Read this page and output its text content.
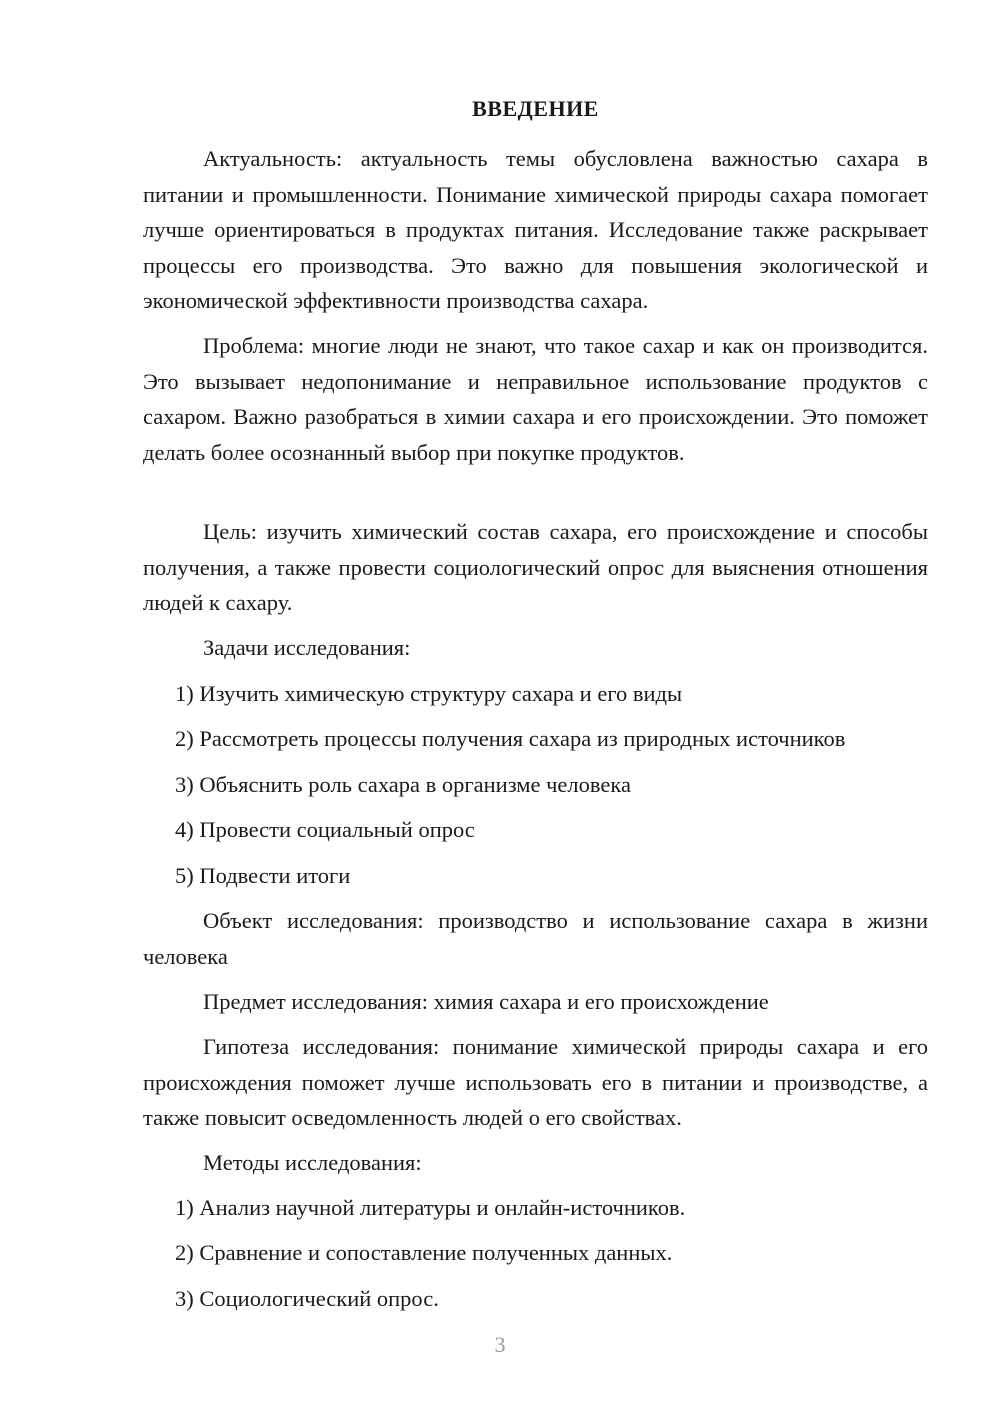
ВВЕДЕНИЕ

Актуальность: актуальность темы обусловлена важностью сахара в питании и промышленности. Понимание химической природы сахара помогает лучше ориентироваться в продуктах питания. Исследование также раскрывает процессы его производства. Это важно для повышения экологической и экономической эффективности производства сахара.

Проблема: многие люди не знают, что такое сахар и как он производится. Это вызывает недопонимание и неправильное использование продуктов с сахаром. Важно разобраться в химии сахара и его происхождении. Это поможет делать более осознанный выбор при покупке продуктов.

Цель: изучить химический состав сахара, его происхождение и способы получения, а также провести социологический опрос для выяснения отношения людей к сахару.

Задачи исследования:
1) Изучить химическую структуру сахара и его виды
2) Рассмотреть процессы получения сахара из природных источников
3) Объяснить роль сахара в организме человека
4) Провести социальный опрос
5) Подвести итоги

Объект исследования: производство и использование сахара в жизни человека

Предмет исследования: химия сахара и его происхождение

Гипотеза исследования: понимание химической природы сахара и его происхождения поможет лучше использовать его в питании и производстве, а также повысит осведомленность людей о его свойствах.

Методы исследования:
1) Анализ научной литературы и онлайн-источников.
2) Сравнение и сопоставление полученных данных.
3) Социологический опрос.
3
